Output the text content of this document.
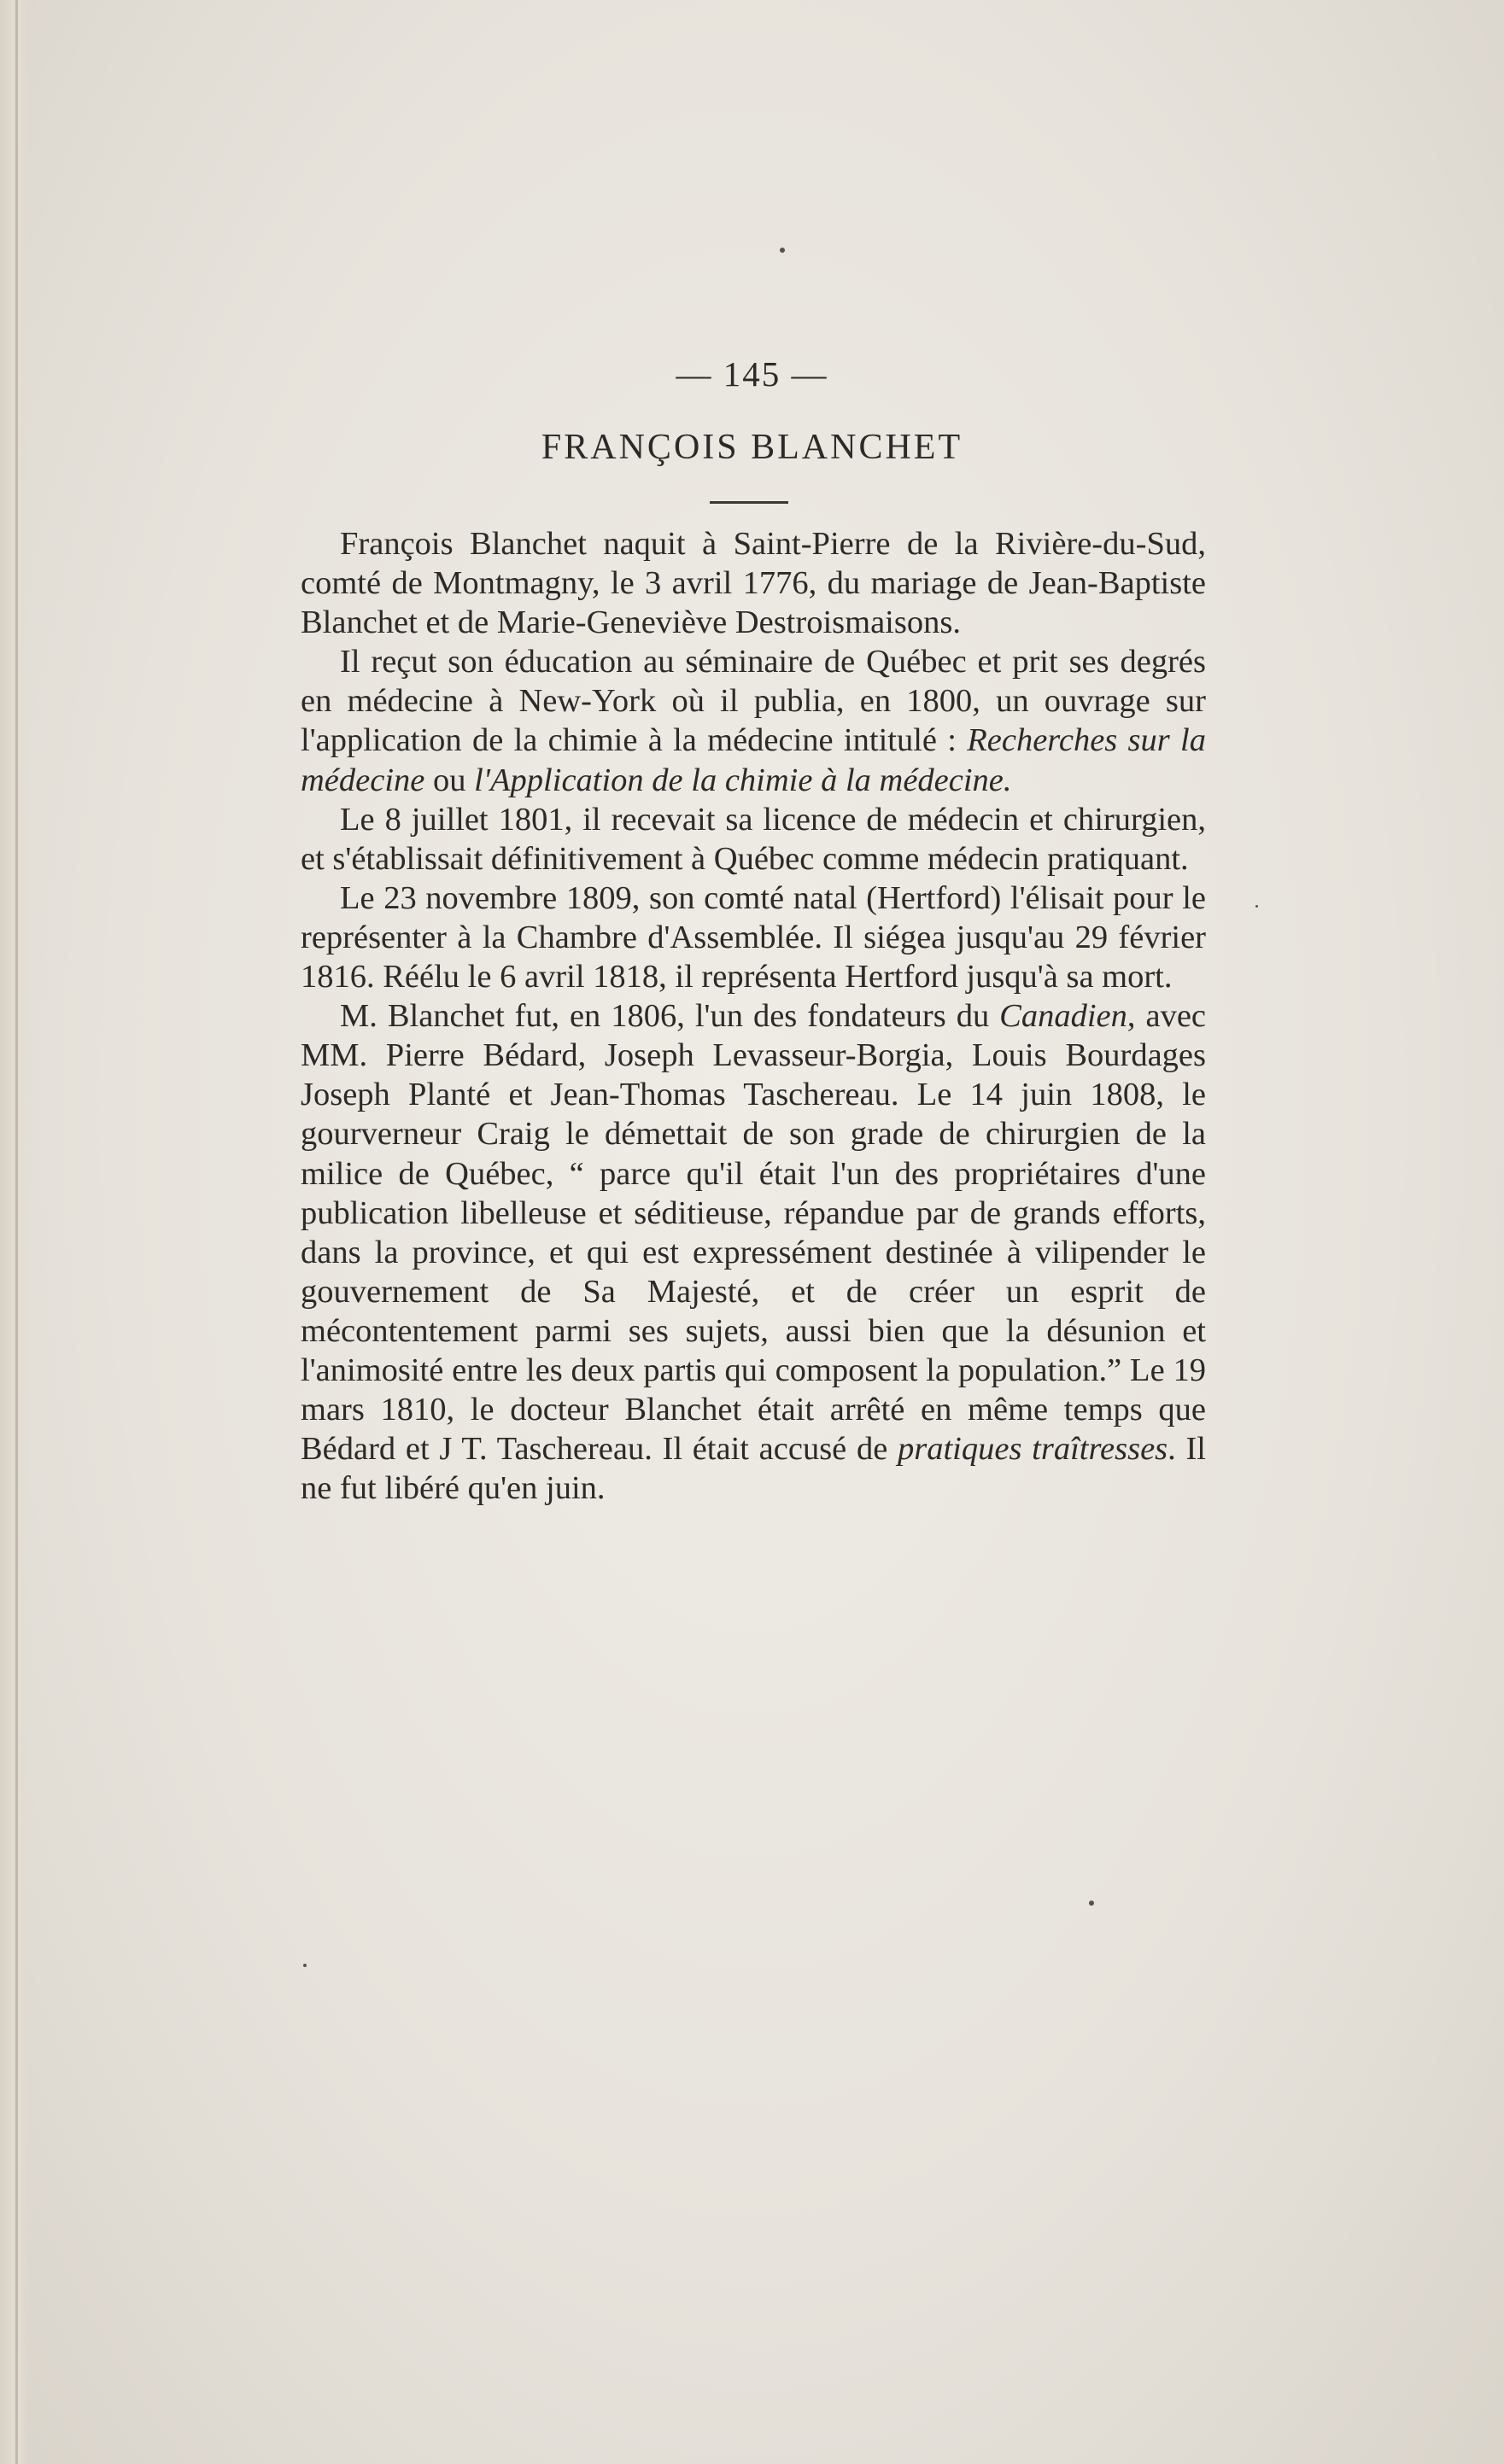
— 145 —
FRANÇOIS BLANCHET

François Blanchet naquit à Saint-Pierre de la Rivière-du-Sud, comté de Montmagny, le 3 avril 1776, du mariage de Jean-Baptiste Blanchet et de Marie-Geneviève Destroismaisons.

Il reçut son éducation au séminaire de Québec et prit ses degrés en médecine à New-York où il publia, en 1800, un ouvrage sur l'application de la chimie à la médecine intitulé : Recherches sur la médecine ou l'Application de la chimie à la médecine.

Le 8 juillet 1801, il recevait sa licence de médecin et chirurgien, et s'établissait définitivement à Québec comme médecin pratiquant.

Le 23 novembre 1809, son comté natal (Hertford) l'élisait pour le représenter à la Chambre d'Assemblée. Il siégea jusqu'au 29 février 1816. Réélu le 6 avril 1818, il représenta Hertford jusqu'à sa mort.

M. Blanchet fut, en 1806, l'un des fondateurs du Canadien, avec MM. Pierre Bédard, Joseph Levasseur-Borgia, Louis Bourdages Joseph Planté et Jean-Thomas Taschereau. Le 14 juin 1808, le gourverneur Craig le démettait de son grade de chirurgien de la milice de Québec, “ parce qu'il était l'un des propriétaires d'une publication libelleuse et séditieuse, répandue par de grands efforts, dans la province, et qui est expressément destinée à vilipender le gouvernement de Sa Majesté, et de créer un esprit de mécontentement parmi ses sujets, aussi bien que la désunion et l'animosité entre les deux partis qui composent la population.” Le 19 mars 1810, le docteur Blanchet était arrêté en même temps que Bédard et J T. Taschereau. Il était accusé de pratiques traîtresses. Il ne fut libéré qu'en juin.
